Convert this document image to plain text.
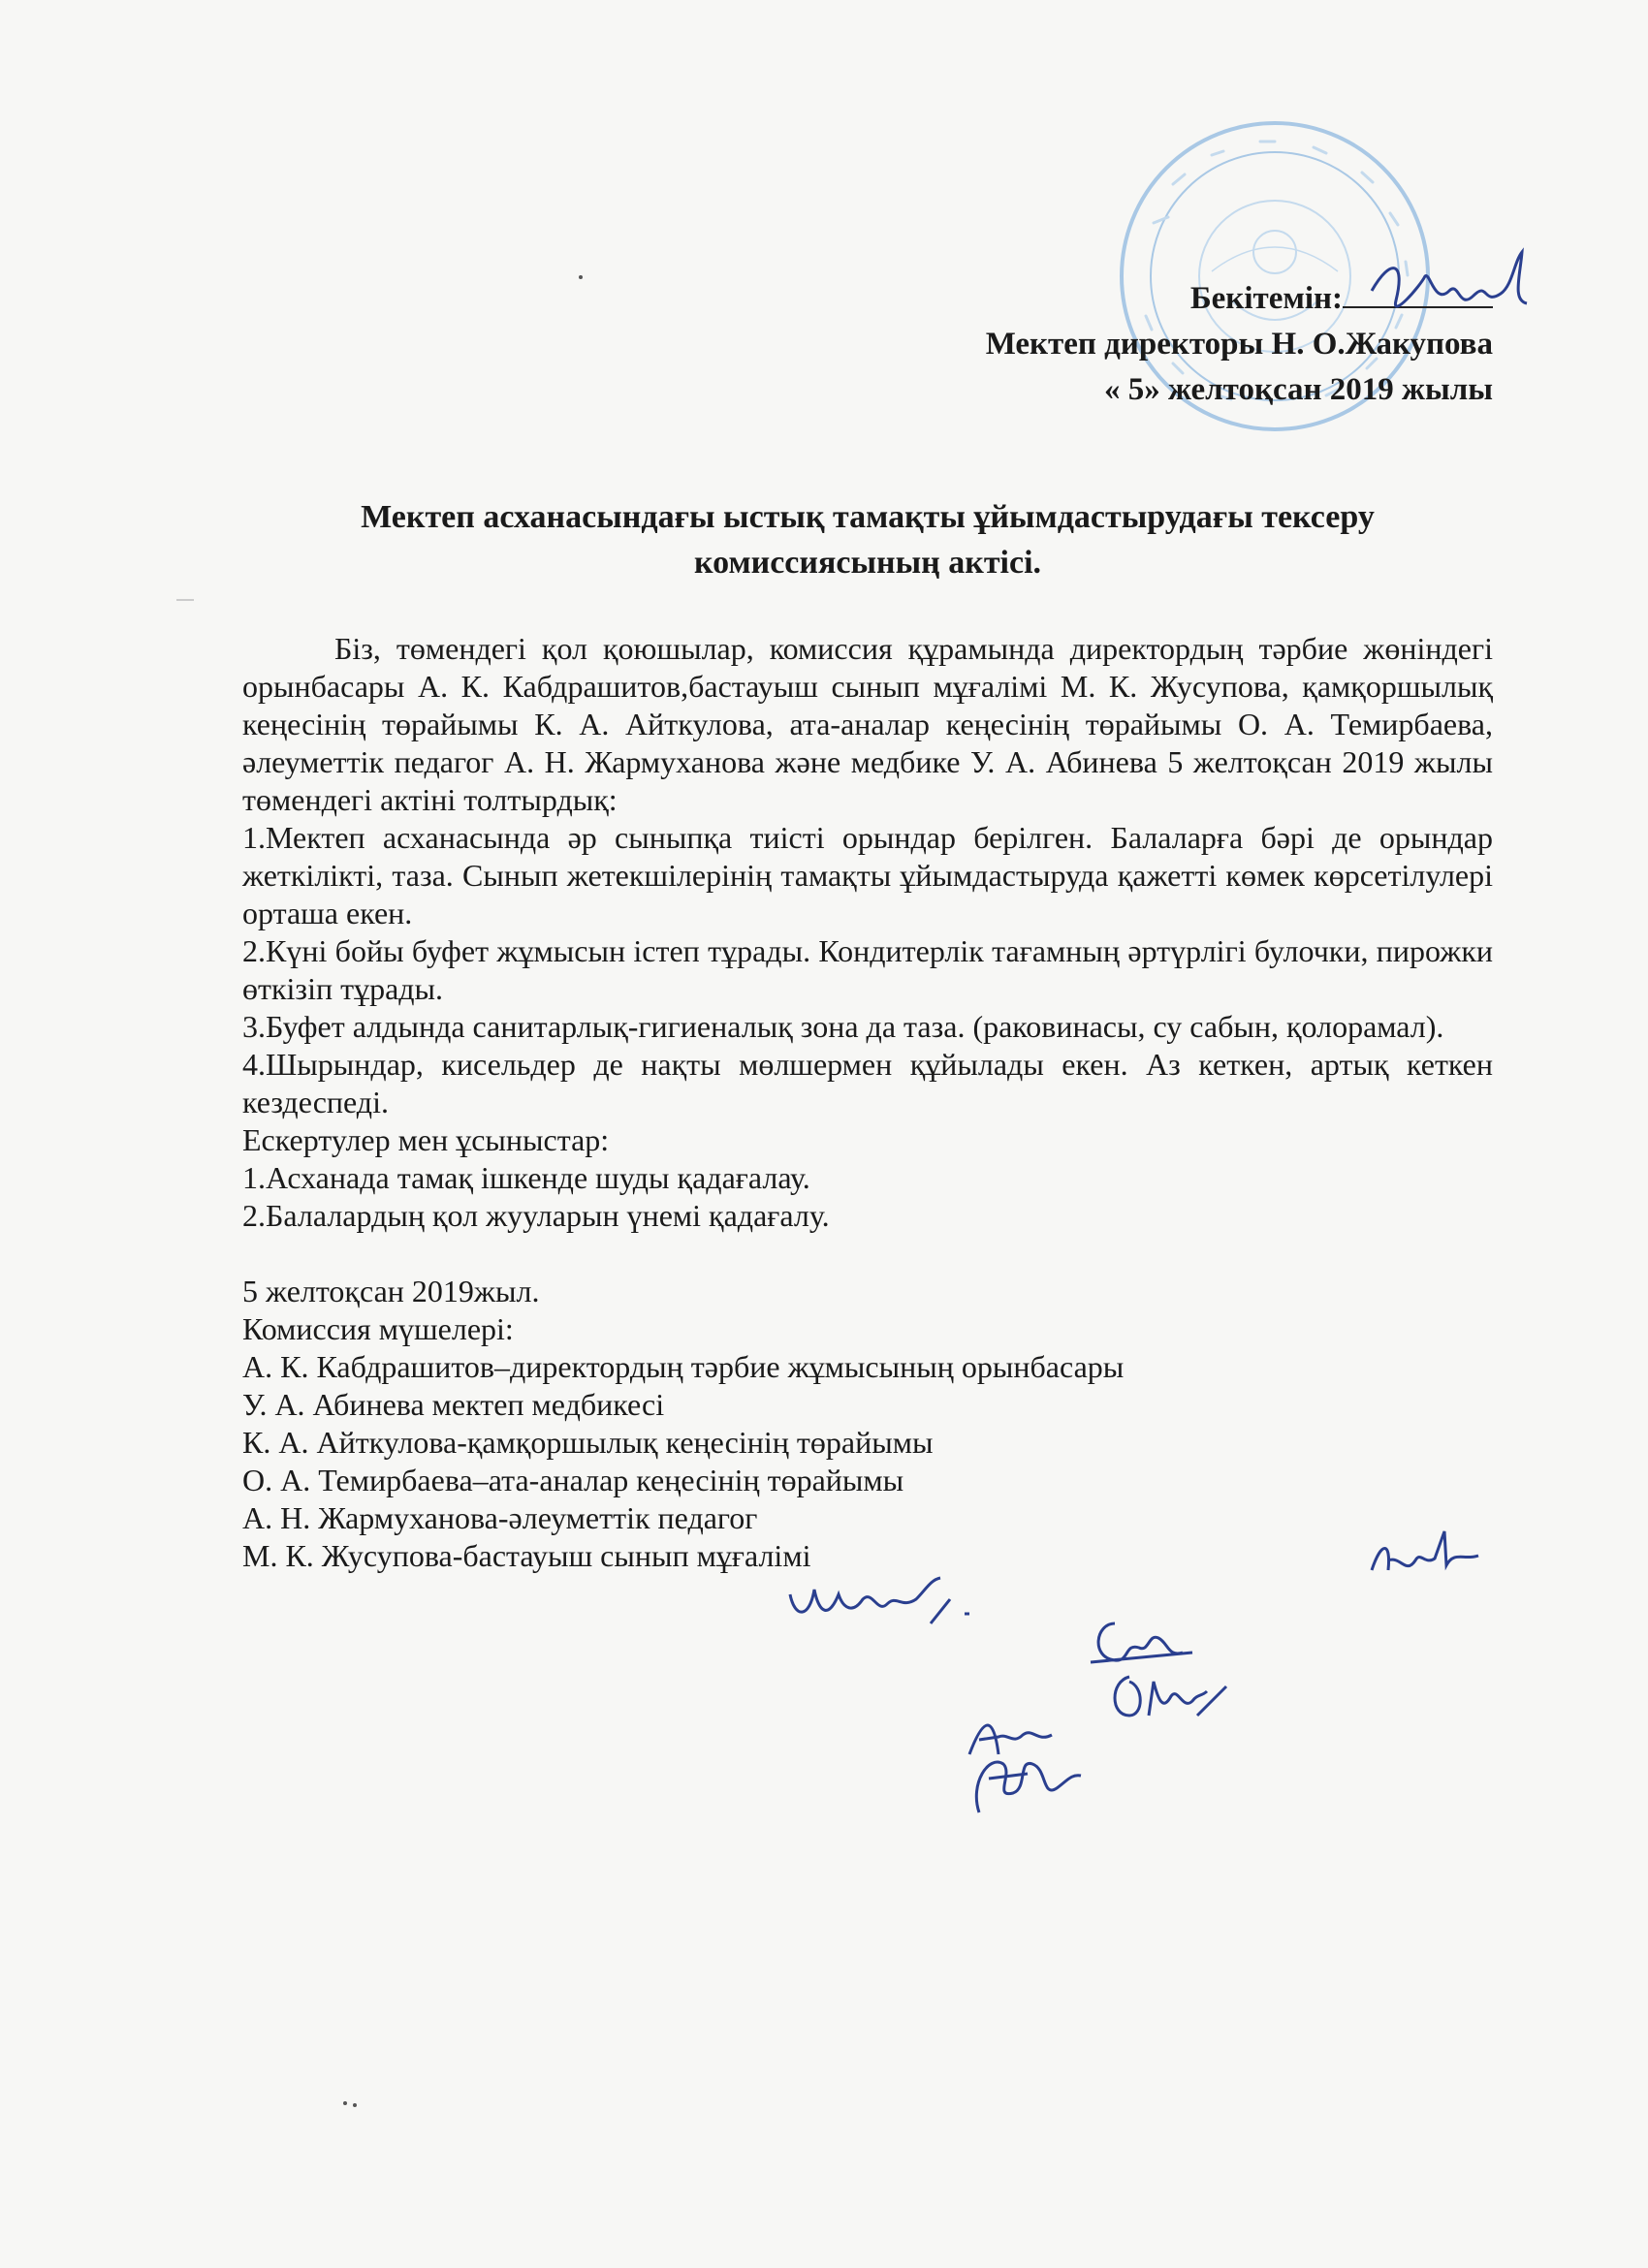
Бекітемін:
Мектеп директоры Н. О.Жакупова
« 5» желтоқсан 2019 жылы
Мектеп асханасындағы ыстық тамақты ұйымдастырудағы тексеру
комиссиясының актісі.

Біз, төмендегі қол қоюшылар, комиссия құрамында директордың тәрбие жөніндегі орынбасары А. К. Кабдрашитов,бастауыш сынып мұғалімі М. К. Жусупова, қамқоршылық кеңесінің төрайымы К. А. Айткулова, ата-аналар кеңесінің төрайымы О. А. Темирбаева, әлеуметтік педагог А. Н. Жармуханова және медбике У. А. Абинева 5 желтоқсан 2019 жылы төмендегі актіні толтырдық:

1.Мектеп асханасында әр сыныпқа тиісті орындар берілген. Балаларға бәрі де орындар жеткілікті, таза. Сынып жетекшілерінің тамақты ұйымдастыруда қажетті көмек көрсетілулері орташа екен.

2.Күні бойы буфет жұмысын істеп тұрады. Кондитерлік тағамның әртүрлігі булочки, пирожки өткізіп тұрады.

3.Буфет алдында санитарлық-гигиеналық зона да таза. (раковинасы, су сабын, қолорамал).

4.Шырындар, кисельдер де нақты мөлшермен құйылады екен. Аз кеткен, артық кеткен кездеспеді.

Ескертулер мен ұсыныстар:

1.Асханада тамақ ішкенде шуды қадағалау.

2.Балалардың қол жууларын үнемі қадағалу.

5 желтоқсан 2019жыл.

Комиссия мүшелері:

А. К. Кабдрашитов–директордың тәрбие жұмысының орынбасары

У. А. Абинева мектеп медбикесі

К. А. Айткулова-қамқоршылық кеңесінің төрайымы

О. А. Темирбаева–ата-аналар кеңесінің төрайымы

А. Н. Жармуханова-әлеуметтік педагог

М. К. Жусупова-бастауыш сынып мұғалімі
